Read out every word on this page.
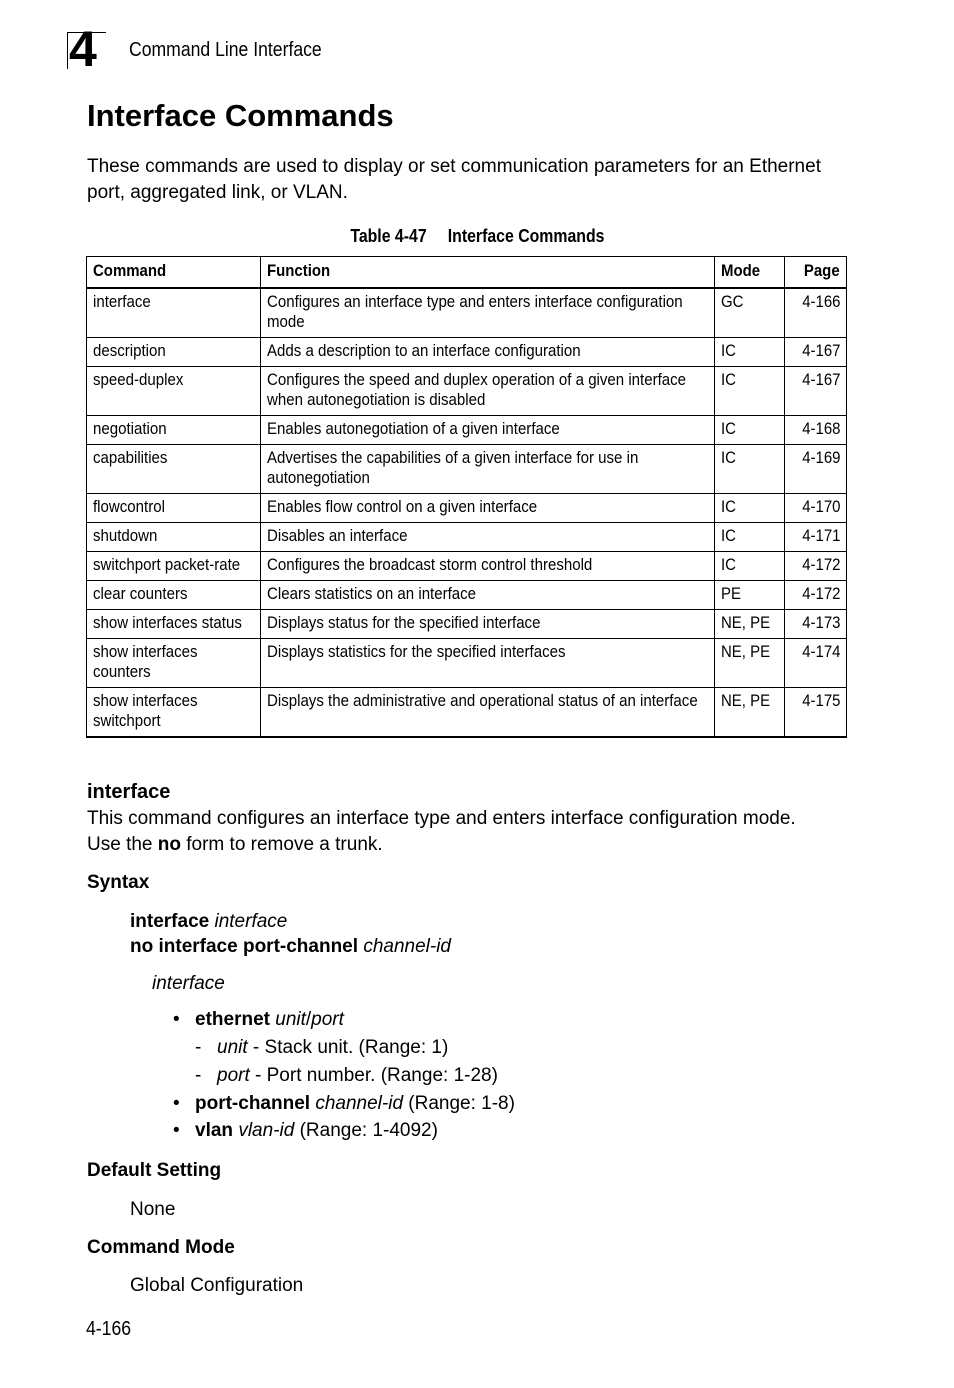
4 Command Line Interface
Interface Commands

These commands are used to display or set communication parameters for an Ethernet port, aggregated link, or VLAN.

Table 4-47 Interface Commands
Command	Function	Mode	Page

interface	Configures an interface type and enters interface configuration mode	GC	4-166

description	Adds a description to an interface configuration	IC	4-167

speed-duplex	Configures the speed and duplex operation of a given interface when autonegotiation is disabled	IC	4-167

negotiation	Enables autonegotiation of a given interface	IC	4-168

capabilities	Advertises the capabilities of a given interface for use in autonegotiation	IC	4-169

flowcontrol	Enables flow control on a given interface	IC	4-170

shutdown	Disables an interface	IC	4-171

switchport packet-rate	Configures the broadcast storm control threshold	IC	4-172

clear counters	Clears statistics on an interface	PE	4-172

show interfaces status	Displays status for the specified interface	NE, PE	4-173

show interfaces counters	Displays statistics for the specified interfaces	NE, PE	4-174

show interfaces switchport	Displays the administrative and operational status of an interface	NE, PE	4-175
interface

This command configures an interface type and enters interface configuration mode.
Use the no form to remove a trunk.

Syntax

interface interface

no interface port-channel channel-id

interface

• ethernet unit/port
- unit - Stack unit. (Range: 1)
- port - Port number. (Range: 1-28)
• port-channel channel-id (Range: 1-8)
• vlan vlan-id (Range: 1-4092)
Default Setting

None

Command Mode

Global Configuration

4-166
